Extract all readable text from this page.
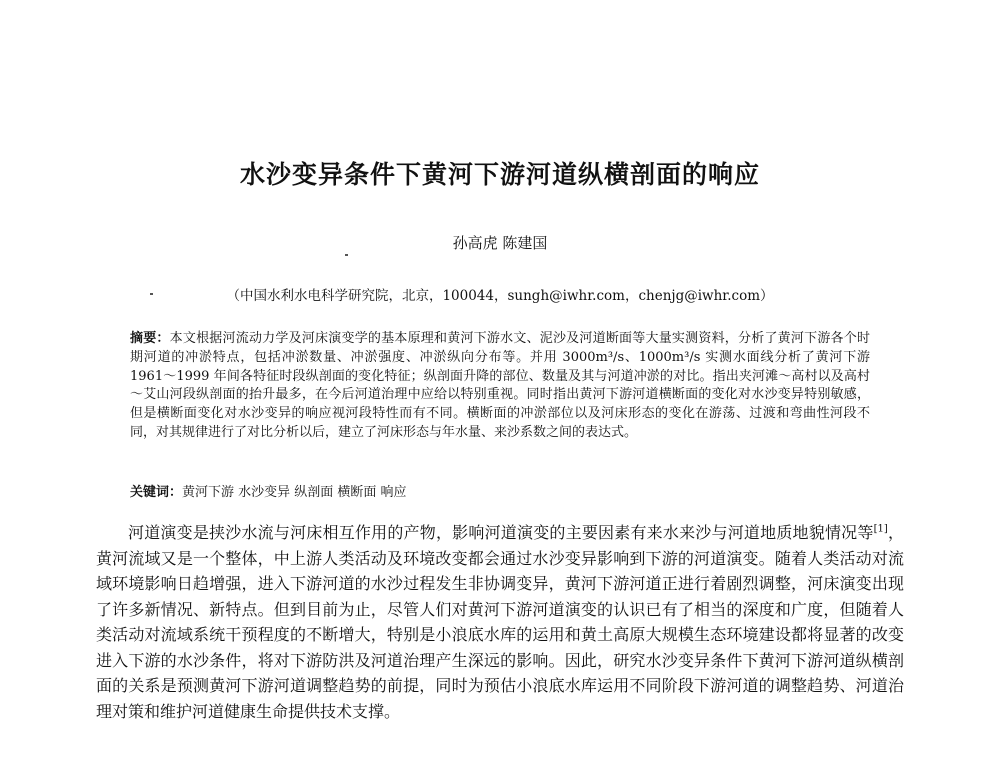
水沙变异条件下黄河下游河道纵横剖面的响应
孙高虎 陈建国
（中国水利水电科学研究院，北京，100044，sungh@iwhr.com，chenjg@iwhr.com）
摘要：本文根据河流动力学及河床演变学的基本原理和黄河下游水文、泥沙及河道断面等大量实测资料，分析了黄河下游各个时期河道的冲淤特点，包括冲淤数量、冲淤强度、冲淤纵向分布等。并用 3000m³/s、1000m³/s 实测水面线分析了黄河下游 1961～1999 年间各特征时段纵剖面的变化特征；纵剖面升降的部位、数量及其与河道冲淤的对比。指出夹河滩～高村以及高村～艾山河段纵剖面的抬升最多，在今后河道治理中应给以特别重视。同时指出黄河下游河道横断面的变化对水沙变异特别敏感，但是横断面变化对水沙变异的响应视河段特性而有不同。横断面的冲淤部位以及河床形态的变化在游荡、过渡和弯曲性河段不同，对其规律进行了对比分析以后，建立了河床形态与年水量、来沙系数之间的表达式。
关键词：黄河下游 水沙变异 纵剖面 横断面 响应
河道演变是挟沙水流与河床相互作用的产物，影响河道演变的主要因素有来水来沙与河道地质地貌情况等[1]，黄河流域又是一个整体，中上游人类活动及环境改变都会通过水沙变异影响到下游的河道演变。随着人类活动对流域环境影响日趋增强，进入下游河道的水沙过程发生非协调变异，黄河下游河道正进行着剧烈调整，河床演变出现了许多新情况、新特点。但到目前为止，尽管人们对黄河下游河道演变的认识已有了相当的深度和广度，但随着人类活动对流域系统干预程度的不断增大，特别是小浪底水库的运用和黄土高原大规模生态环境建设都将显著的改变进入下游的水沙条件，将对下游防洪及河道治理产生深远的影响。因此，研究水沙变异条件下黄河下游河道纵横剖面的关系是预测黄河下游河道调整趋势的前提，同时为预估小浪底水库运用不同阶段下游河道的调整趋势、河道治理对策和维护河道健康生命提供技术支撑。
